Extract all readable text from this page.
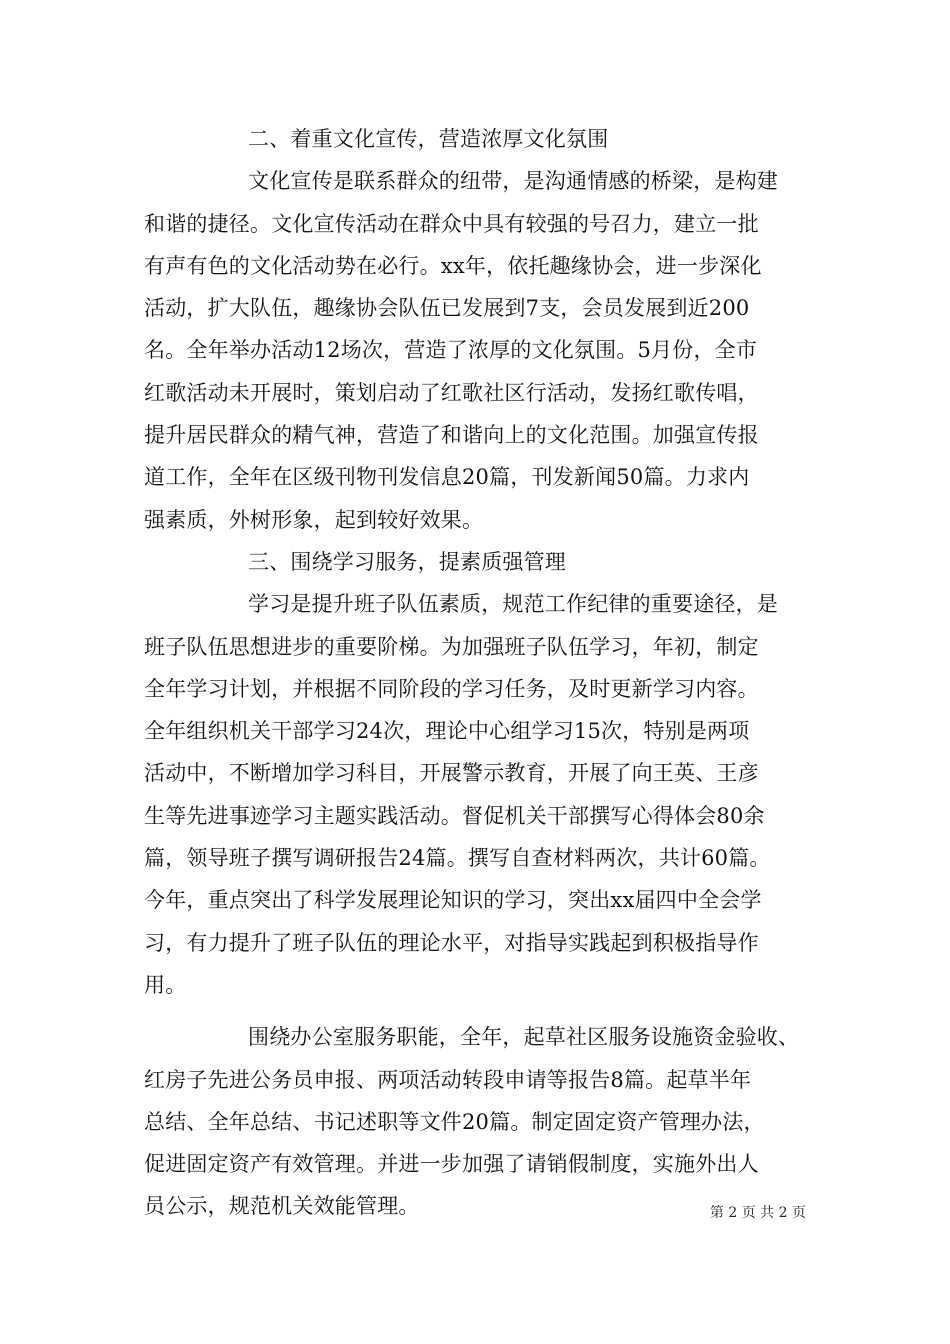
二、着重文化宣传，营造浓厚文化氛围
文化宣传是联系群众的纽带，是沟通情感的桥梁，是构建
和谐的捷径。文化宣传活动在群众中具有较强的号召力，建立一批
有声有色的文化活动势在必行。xx年，依托趣缘协会，进一步深化
活动，扩大队伍，趣缘协会队伍已发展到7支，会员发展到近200
名。全年举办活动12场次，营造了浓厚的文化氛围。5月份，全市
红歌活动未开展时，策划启动了红歌社区行活动，发扬红歌传唱，
提升居民群众的精气神，营造了和谐向上的文化范围。加强宣传报
道工作，全年在区级刊物刊发信息20篇，刊发新闻50篇。力求内
强素质，外树形象，起到较好效果。
三、围绕学习服务，提素质强管理
学习是提升班子队伍素质，规范工作纪律的重要途径，是
班子队伍思想进步的重要阶梯。为加强班子队伍学习，年初，制定
全年学习计划，并根据不同阶段的学习任务，及时更新学习内容。
全年组织机关干部学习24次，理论中心组学习15次，特别是两项
活动中，不断增加学习科目，开展警示教育，开展了向王英、王彦
生等先进事迹学习主题实践活动。督促机关干部撰写心得体会80余
篇，领导班子撰写调研报告24篇。撰写自查材料两次，共计60篇。
今年，重点突出了科学发展理论知识的学习，突出xx届四中全会学
习，有力提升了班子队伍的理论水平，对指导实践起到积极指导作
用。
围绕办公室服务职能，全年，起草社区服务设施资金验收、
红房子先进公务员申报、两项活动转段申请等报告8篇。起草半年
总结、全年总结、书记述职等文件20篇。制定固定资产管理办法，
促进固定资产有效管理。并进一步加强了请销假制度，实施外出人
员公示，规范机关效能管理。	第 2 页 共 2 页
